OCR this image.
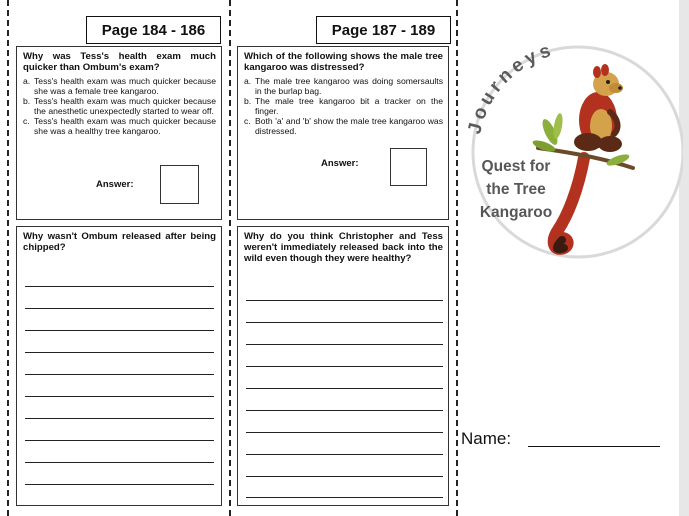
Page 184 - 186
Why was Tess's health exam much quicker than Ombum's exam?
a. Tess's health exam was much quicker because she was a female tree kangaroo.
b. Tess's health exam was much quicker because the anesthetic unexpectedly started to wear off.
c. Tess's health exam was much quicker because she was a healthy tree kangaroo.
Answer:
Why wasn't Ombum released after being chipped?
Page 187 - 189
Which of the following shows the male tree kangaroo was distressed?
a. The male tree kangaroo was doing somersaults in the burlap bag.
b. The male tree kangaroo bit a tracker on the finger.
c. Both 'a' and 'b' show the male tree kangaroo was distressed.
Answer:
Why do you think Christopher and Tess weren't immediately released back into the wild even though they were healthy?
Journeys
Quest for
the Tree
Kangaroo
Name:
